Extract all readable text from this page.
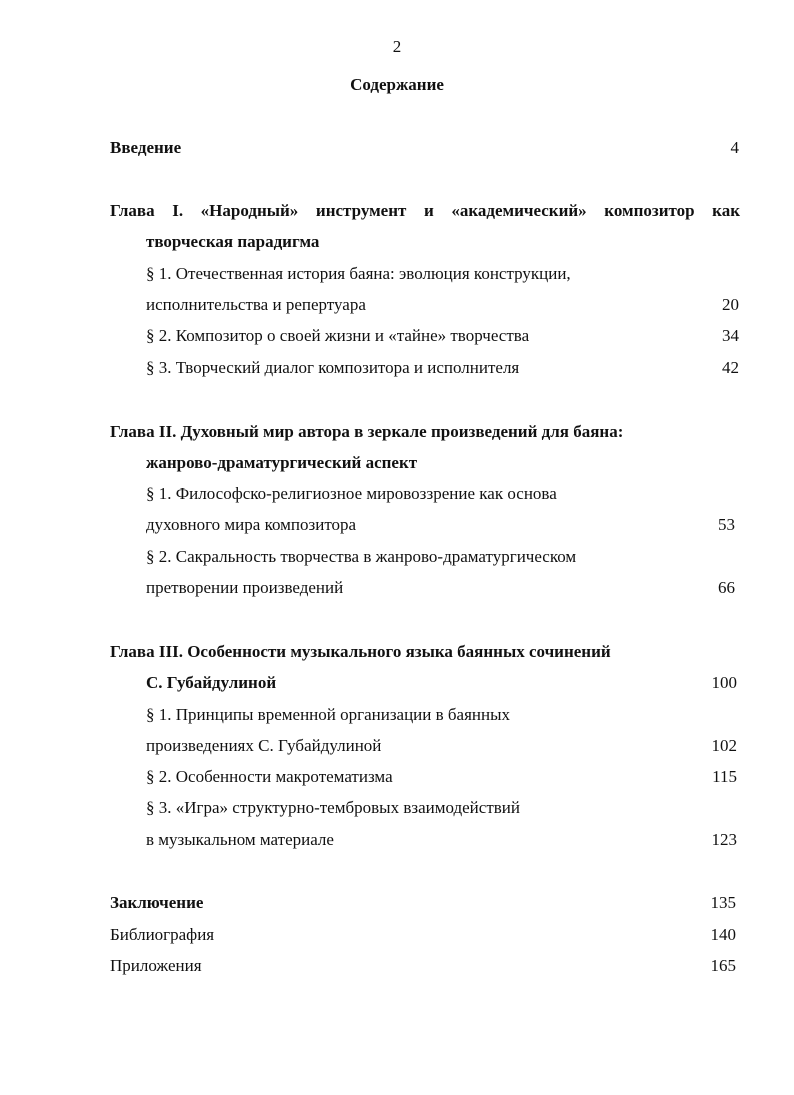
2
Содержание
Введение	4
Глава I. «Народный» инструмент и «академический» композитор как
творческая парадигма
§ 1. Отечественная история баяна: эволюция конструкции,
исполнительства и репертуара	20
§ 2. Композитор о своей жизни и «тайне» творчества	34
§ 3. Творческий диалог композитора и исполнителя	42
Глава II. Духовный мир автора в зеркале произведений для баяна:
жанрово-драматургический аспект
§ 1. Философско-религиозное мировоззрение как основа
духовного мира композитора	53
§ 2. Сакральность творчества в жанрово-драматургическом
претворении произведений	66
Глава III. Особенности музыкального языка баянных сочинений
С. Губайдулиной	100
§ 1. Принципы временной организации в баянных
произведениях С. Губайдулиной	102
§ 2. Особенности макротематизма	115
§ 3. «Игра» структурно-тембровых взаимодействий
в музыкальном материале	123
Заключение	135
Библиография	140
Приложения	165
